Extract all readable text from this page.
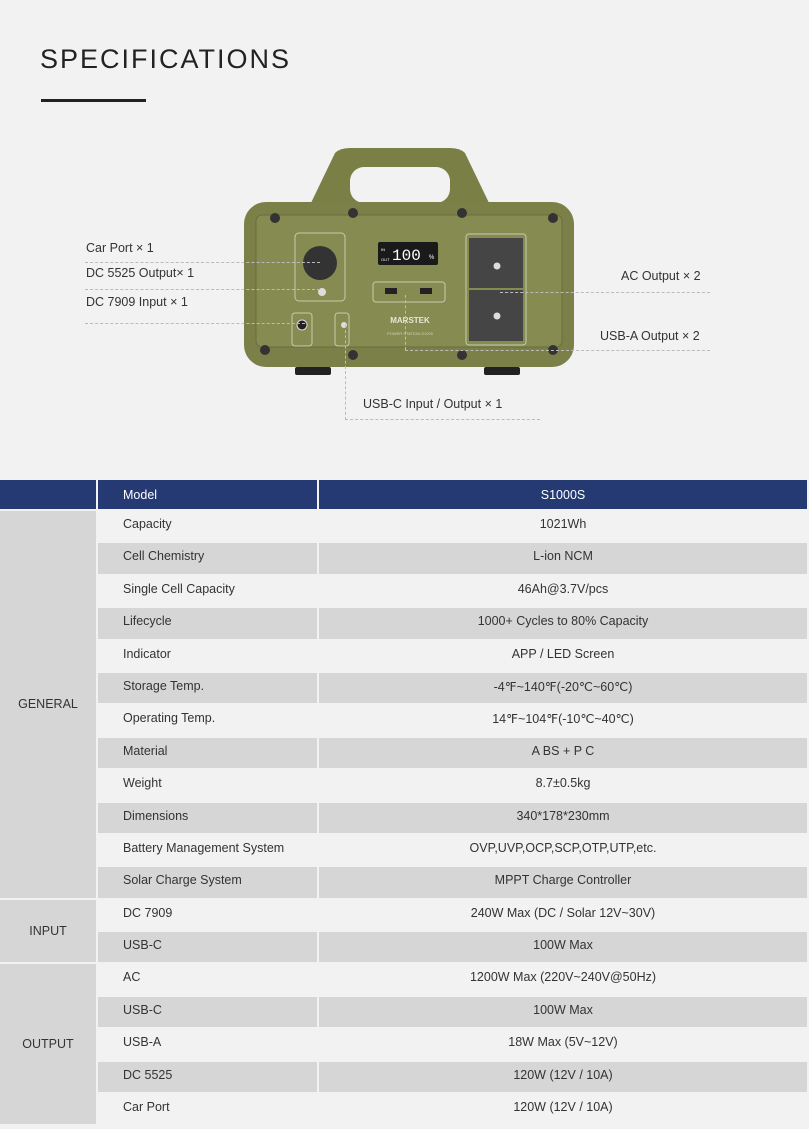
SPECIFICATIONS
IN
OUT 100 %
MARSTEK
POWER STATION-S1000
Car Port × 1
DC 5525 Output× 1
DC 7909 Input × 1
AC Output × 2
USB-A Output × 2
USB-C Input / Output × 1
	Model	S1000S
GENERAL	Capacity	1021Wh
	Cell Chemistry	L-ion NCM
	Single Cell Capacity	46Ah@3.7V/pcs
	Lifecycle	1000+ Cycles to 80% Capacity
	Indicator	APP / LED Screen
	Storage Temp.	-4℉~140℉(-20℃~60℃)
	Operating Temp.	14℉~104℉(-10℃~40℃)
	Material	A BS + P C
	Weight	8.7±0.5kg
	Dimensions	340*178*230mm
	Battery Management System	OVP,UVP,OCP,SCP,OTP,UTP,etc.
	Solar Charge System	MPPT Charge Controller
INPUT	DC 7909	240W Max (DC / Solar 12V~30V)
	USB-C	100W Max
OUTPUT	AC	1200W Max (220V~240V@50Hz)
	USB-C	100W Max
	USB-A	18W Max (5V~12V)
	DC 5525	120W (12V / 10A)
	Car Port	120W (12V / 10A)
